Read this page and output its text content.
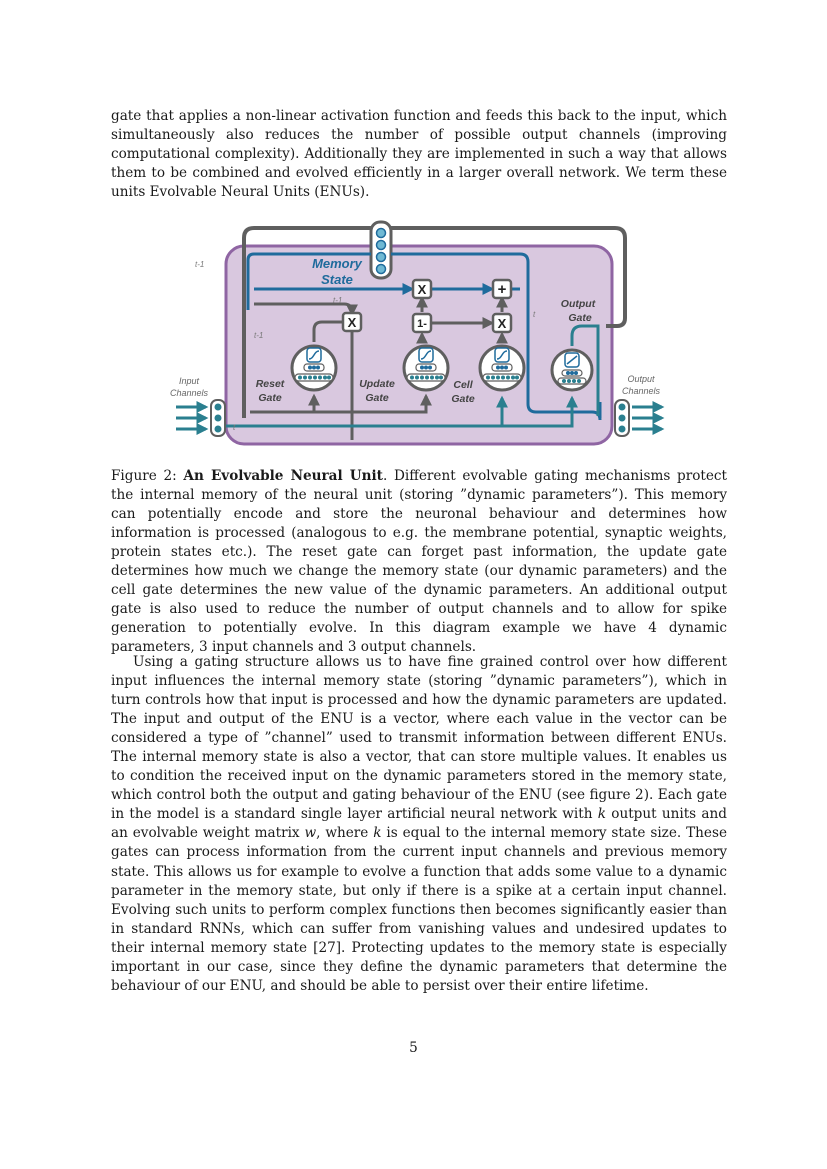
gate that applies a non-linear activation function and feeds this back to the input, which simultaneously also reduces the number of possible output channels (improving computational complexity). Additionally they are implemented in such a way that allows them to be combined and evolved efficiently in a larger overall network. We term these units Evolvable Neural Units (ENUs).

X
X	+
1-	X
Memory
State
t-1
t-1
t-1
t
t
Input
Channels
Output
Channels
Reset
Gate
Update
Gate
Cell
Gate
Output
Gate

Figure 2: An Evolvable Neural Unit. Different evolvable gating mechanisms protect the internal memory of the neural unit (storing ”dynamic parameters”). This memory can potentially encode and store the neuronal behaviour and determines how information is processed (analogous to e.g. the membrane potential, synaptic weights, protein states etc.). The reset gate can forget past information, the update gate determines how much we change the memory state (our dynamic parameters) and the cell gate determines the new value of the dynamic parameters. An additional output gate is also used to reduce the number of output channels and to allow for spike generation to potentially evolve. In this diagram example we have 4 dynamic parameters, 3 input channels and 3 output channels.

Using a gating structure allows us to have fine grained control over how different input influences the internal memory state (storing ”dynamic parameters”), which in turn controls how that input is processed and how the dynamic parameters are updated. The input and output of the ENU is a vector, where each value in the vector can be considered a type of ”channel” used to transmit information between different ENUs. The internal memory state is also a vector, that can store multiple values. It enables us to condition the received input on the dynamic parameters stored in the memory state, which control both the output and gating behaviour of the ENU (see figure 2). Each gate in the model is a standard single layer artificial neural network with k output units and an evolvable weight matrix w, where k is equal to the internal memory state size. These gates can process information from the current input channels and previous memory state. This allows us for example to evolve a function that adds some value to a dynamic parameter in the memory state, but only if there is a spike at a certain input channel. Evolving such units to perform complex functions then becomes significantly easier than in standard RNNs, which can suffer from vanishing values and undesired updates to their internal memory state [27]. Protecting updates to the memory state is especially important in our case, since they define the dynamic parameters that determine the behaviour of our ENU, and should be able to persist over their entire lifetime.

5
